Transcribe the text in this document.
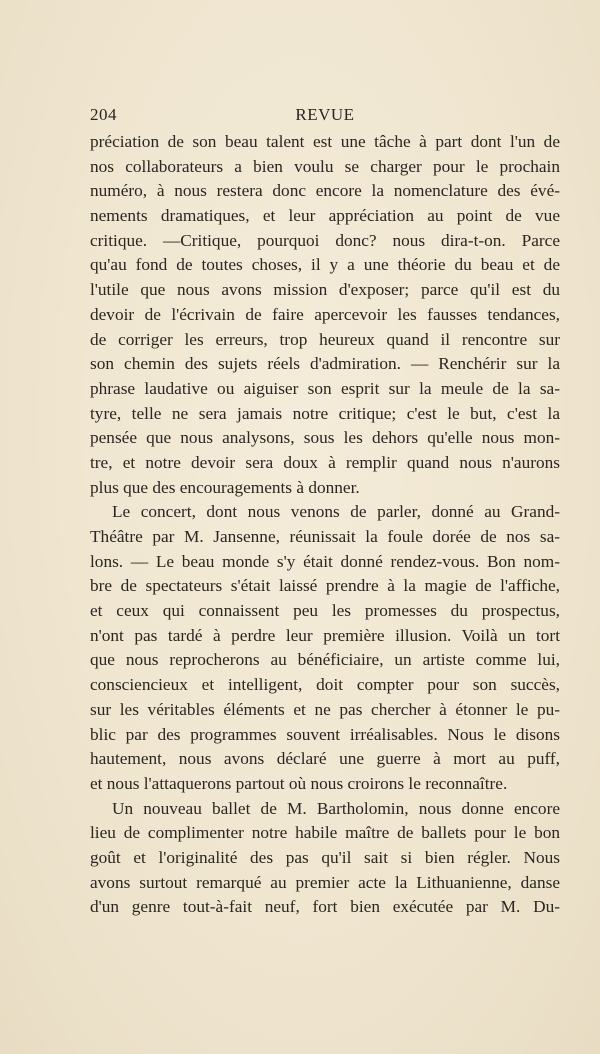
204	REVUE
préciation de son beau talent est une tâche à part dont l'un de
nos collaborateurs a bien voulu se charger pour le prochain
numéro, à nous restera donc encore la nomenclature des évé-
nements dramatiques, et leur appréciation au point de vue
critique. —Critique, pourquoi donc? nous dira-t-on. Parce
qu'au fond de toutes choses, il y a une théorie du beau et de
l'utile que nous avons mission d'exposer; parce qu'il est du
devoir de l'écrivain de faire apercevoir les fausses tendances,
de corriger les erreurs, trop heureux quand il rencontre sur
son chemin des sujets réels d'admiration. — Renchérir sur la
phrase laudative ou aiguiser son esprit sur la meule de la sa-
tyre, telle ne sera jamais notre critique; c'est le but, c'est la
pensée que nous analysons, sous les dehors qu'elle nous mon-
tre, et notre devoir sera doux à remplir quand nous n'aurons
plus que des encouragements à donner.
Le concert, dont nous venons de parler, donné au Grand-
Théâtre par M. Jansenne, réunissait la foule dorée de nos sa-
lons. — Le beau monde s'y était donné rendez-vous. Bon nom-
bre de spectateurs s'était laissé prendre à la magie de l'affiche,
et ceux qui connaissent peu les promesses du prospectus,
n'ont pas tardé à perdre leur première illusion. Voilà un tort
que nous reprocherons au bénéficiaire, un artiste comme lui,
consciencieux et intelligent, doit compter pour son succès,
sur les véritables éléments et ne pas chercher à étonner le pu-
blic par des programmes souvent irréalisables. Nous le disons
hautement, nous avons déclaré une guerre à mort au puff,
et nous l'attaquerons partout où nous croirons le reconnaître.
Un nouveau ballet de M. Bartholomin, nous donne encore
lieu de complimenter notre habile maître de ballets pour le bon
goût et l'originalité des pas qu'il sait si bien régler. Nous
avons surtout remarqué au premier acte la Lithuanienne, danse
d'un genre tout-à-fait neuf, fort bien exécutée par M. Du-
